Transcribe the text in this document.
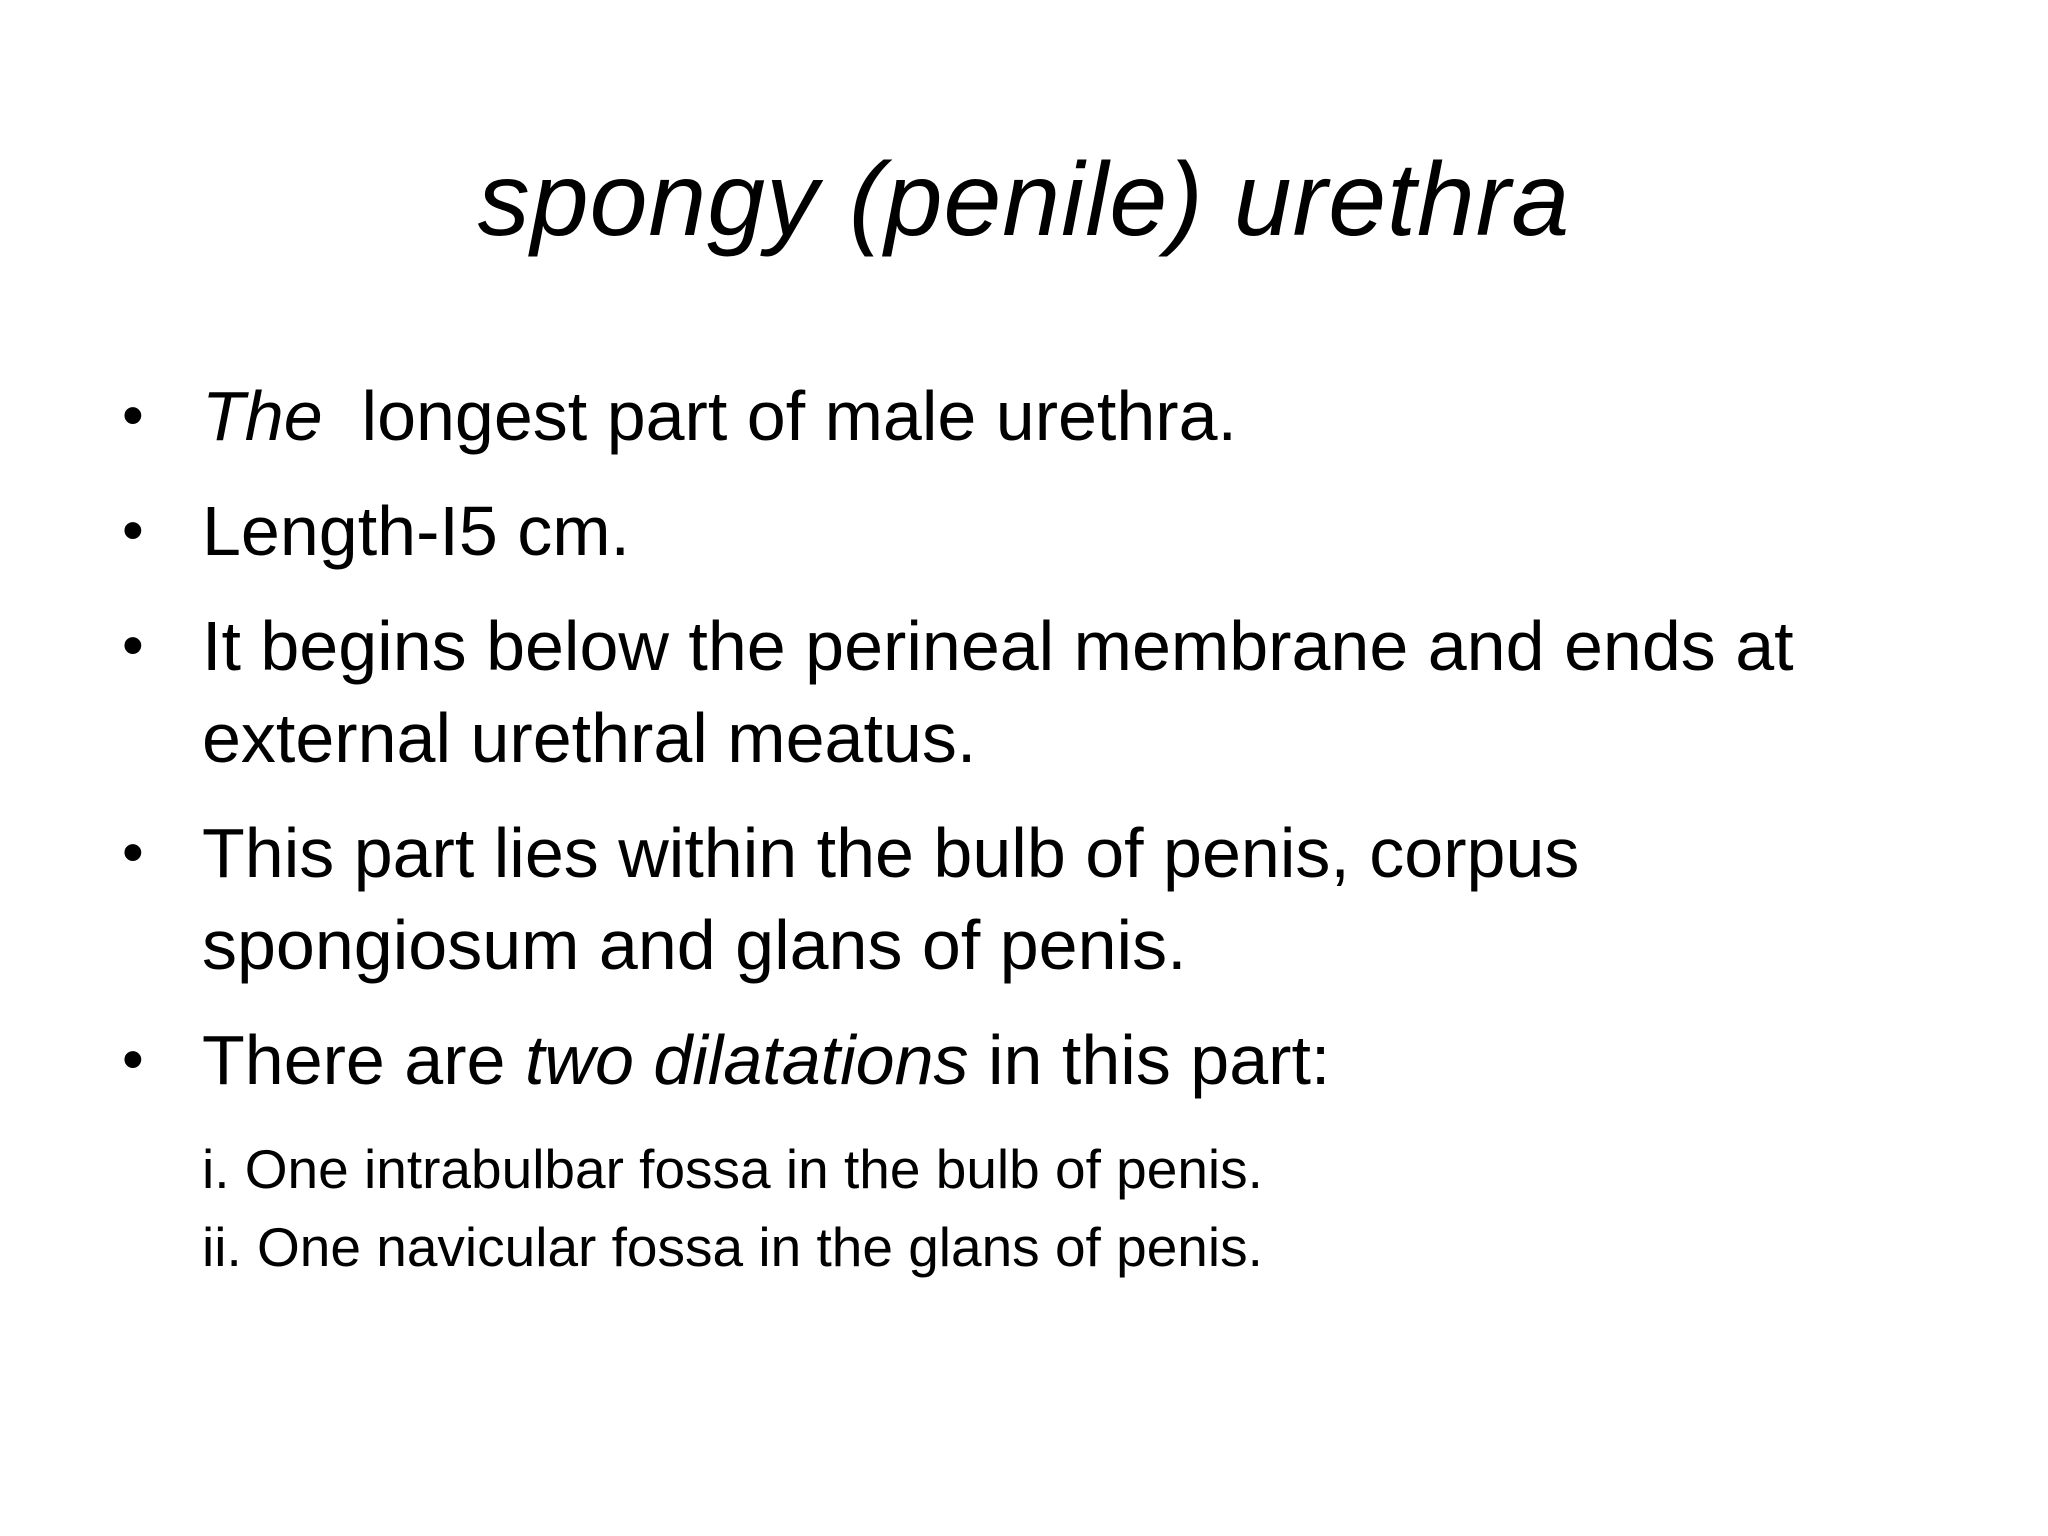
spongy (penile) urethra
• The  longest part of male urethra.
• Length-I5 cm.
• It begins below the perineal membrane and ends at external urethral meatus.
• This part lies within the bulb of penis, corpus spongiosum and glans of penis.
• There are two dilatations in this part:
i. One intrabulbar fossa in the bulb of penis.
ii. One navicular fossa in the glans of penis.
